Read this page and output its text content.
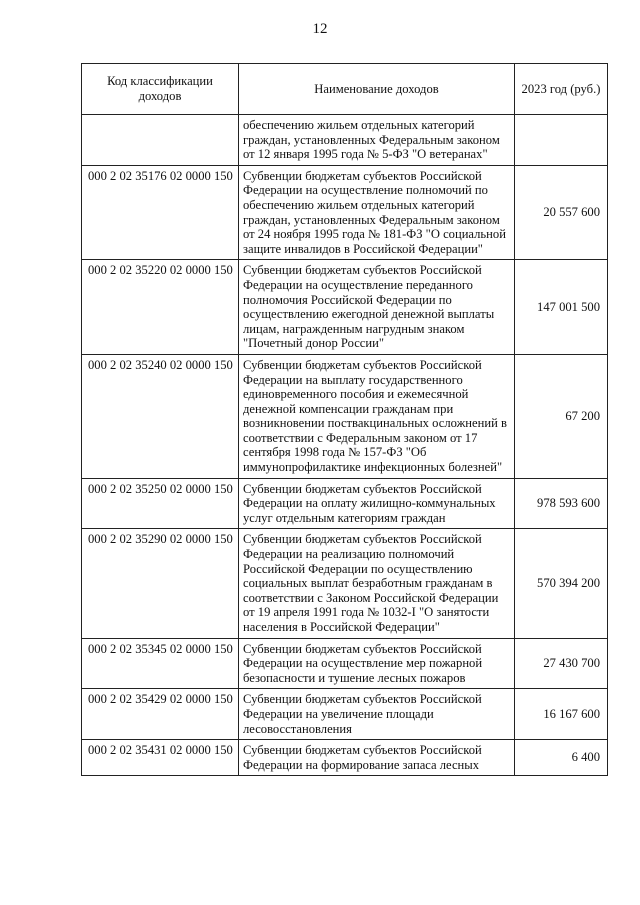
12
Код классификации доходов	Наименование доходов	2023 год (руб.)
	обеспечению жильем отдельных категорий граждан, установленных Федеральным законом от 12 января 1995 года № 5-ФЗ "О ветеранах"	
000 2 02 35176 02 0000 150	Субвенции бюджетам субъектов Российской Федерации на осуществление полномочий по обеспечению жильем отдельных категорий граждан, установленных Федеральным законом от 24 ноября 1995 года № 181-ФЗ "О социальной защите инвалидов в Российской Федерации"	20 557 600
000 2 02 35220 02 0000 150	Субвенции бюджетам субъектов Российской Федерации на осуществление переданного полномочия Российской Федерации по осуществлению ежегодной денежной выплаты лицам, награжденным нагрудным знаком "Почетный донор России"	147 001 500
000 2 02 35240 02 0000 150	Субвенции бюджетам субъектов Российской Федерации на выплату государственного единовременного пособия и ежемесячной денежной компенсации гражданам при возникновении поствакцинальных осложнений в соответствии с Федеральным законом от 17 сентября 1998 года № 157-ФЗ "Об иммунопрофилактике инфекционных болезней"	67 200
000 2 02 35250 02 0000 150	Субвенции бюджетам субъектов Российской Федерации на оплату жилищно-коммунальных услуг отдельным категориям граждан	978 593 600
000 2 02 35290 02 0000 150	Субвенции бюджетам субъектов Российской Федерации на реализацию полномочий Российской Федерации по осуществлению социальных выплат безработным гражданам в соответствии с Законом Российской Федерации от 19 апреля 1991 года № 1032-I "О занятости населения в Российской Федерации"	570 394 200
000 2 02 35345 02 0000 150	Субвенции бюджетам субъектов Российской Федерации на осуществление мер пожарной безопасности и тушение лесных пожаров	27 430 700
000 2 02 35429 02 0000 150	Субвенции бюджетам субъектов Российской Федерации на увеличение площади лесовосстановления	16 167 600
000 2 02 35431 02 0000 150	Субвенции бюджетам субъектов Российской Федерации на формирование запаса лесных	6 400
